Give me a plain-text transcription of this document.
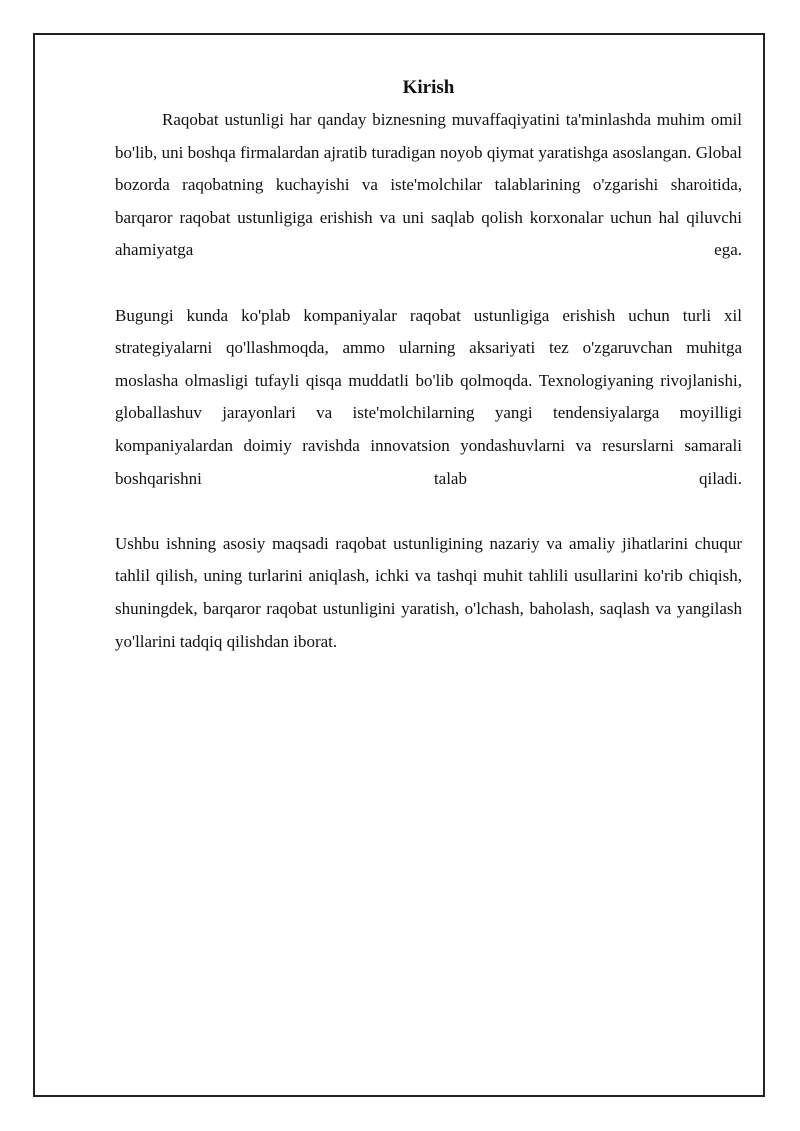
Kirish

Raqobat ustunligi har qanday biznesning muvaffaqiyatini ta'minlashda muhim omil bo'lib, uni boshqa firmalardan ajratib turadigan noyob qiymat yaratishga asoslangan. Global bozorda raqobatning kuchayishi va iste'molchilar talablarining o'zgarishi sharoitida, barqaror raqobat ustunligiga erishish va uni saqlab qolish korxonalar uchun hal qiluvchi ahamiyatga ega.

Bugungi kunda ko'plab kompaniyalar raqobat ustunligiga erishish uchun turli xil strategiyalarni qo'llashmoqda, ammo ularning aksariyati tez o'zgaruvchan muhitga moslasha olmasligi tufayli qisqa muddatli bo'lib qolmoqda. Texnologiyaning rivojlanishi, globallashuv jarayonlari va iste'molchilarning yangi tendensiyalarga moyilligi kompaniyalardan doimiy ravishda innovatsion yondashuvlarni va resurslarni samarali boshqarishni talab qiladi.

Ushbu ishning asosiy maqsadi raqobat ustunligining nazariy va amaliy jihatlarini chuqur tahlil qilish, uning turlarini aniqlash, ichki va tashqi muhit tahlili usullarini ko'rib chiqish, shuningdek, barqaror raqobat ustunligini yaratish, o'lchash, baholash, saqlash va yangilash yo'llarini tadqiq qilishdan iborat.
